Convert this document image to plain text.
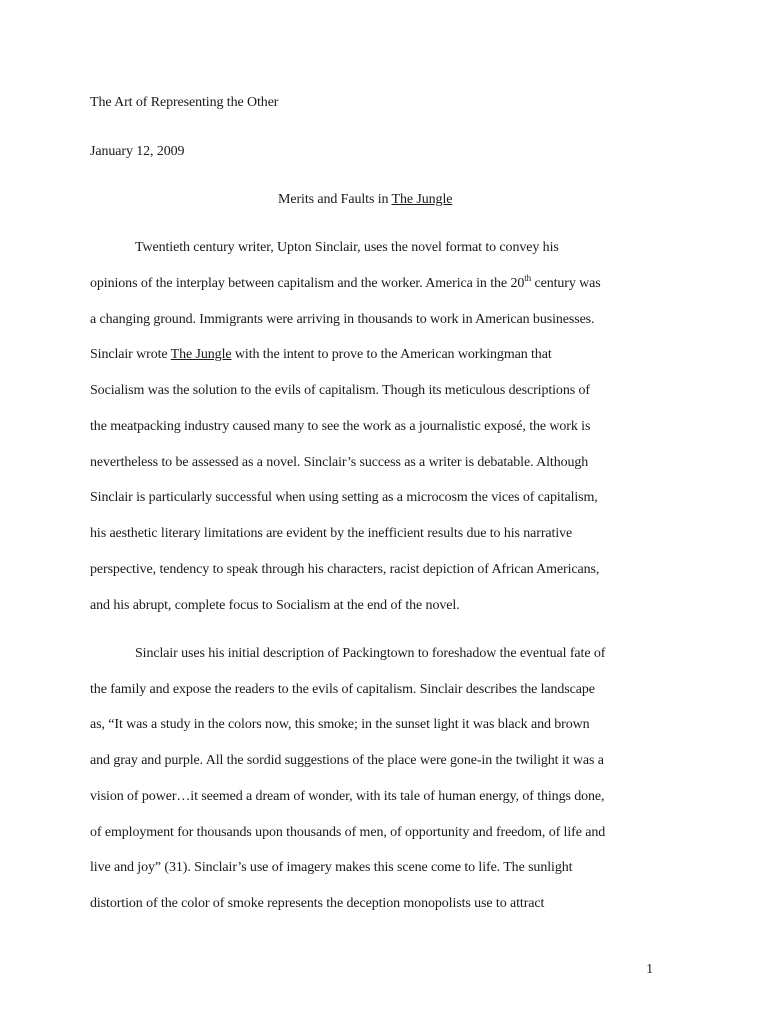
The Art of Representing the Other
January 12, 2009
Merits and Faults in The Jungle
Twentieth century writer, Upton Sinclair, uses the novel format to convey his
opinions of the interplay between capitalism and the worker. America in the 20th century was
a changing ground. Immigrants were arriving in thousands to work in American businesses.
Sinclair wrote The Jungle with the intent to prove to the American workingman that
Socialism was the solution to the evils of capitalism. Though its meticulous descriptions of
the meatpacking industry caused many to see the work as a journalistic exposé, the work is
nevertheless to be assessed as a novel. Sinclair’s success as a writer is debatable. Although
Sinclair is particularly successful when using setting as a microcosm the vices of capitalism,
his aesthetic literary limitations are evident by the inefficient results due to his narrative
perspective, tendency to speak through his characters, racist depiction of African Americans,
and his abrupt, complete focus to Socialism at the end of the novel.
Sinclair uses his initial description of Packingtown to foreshadow the eventual fate of
the family and expose the readers to the evils of capitalism. Sinclair describes the landscape
as, “It was a study in the colors now, this smoke; in the sunset light it was black and brown
and gray and purple. All the sordid suggestions of the place were gone-in the twilight it was a
vision of power…it seemed a dream of wonder, with its tale of human energy, of things done,
of employment for thousands upon thousands of men, of opportunity and freedom, of life and
live and joy” (31). Sinclair’s use of imagery makes this scene come to life. The sunlight
distortion of the color of smoke represents the deception monopolists use to attract
1
